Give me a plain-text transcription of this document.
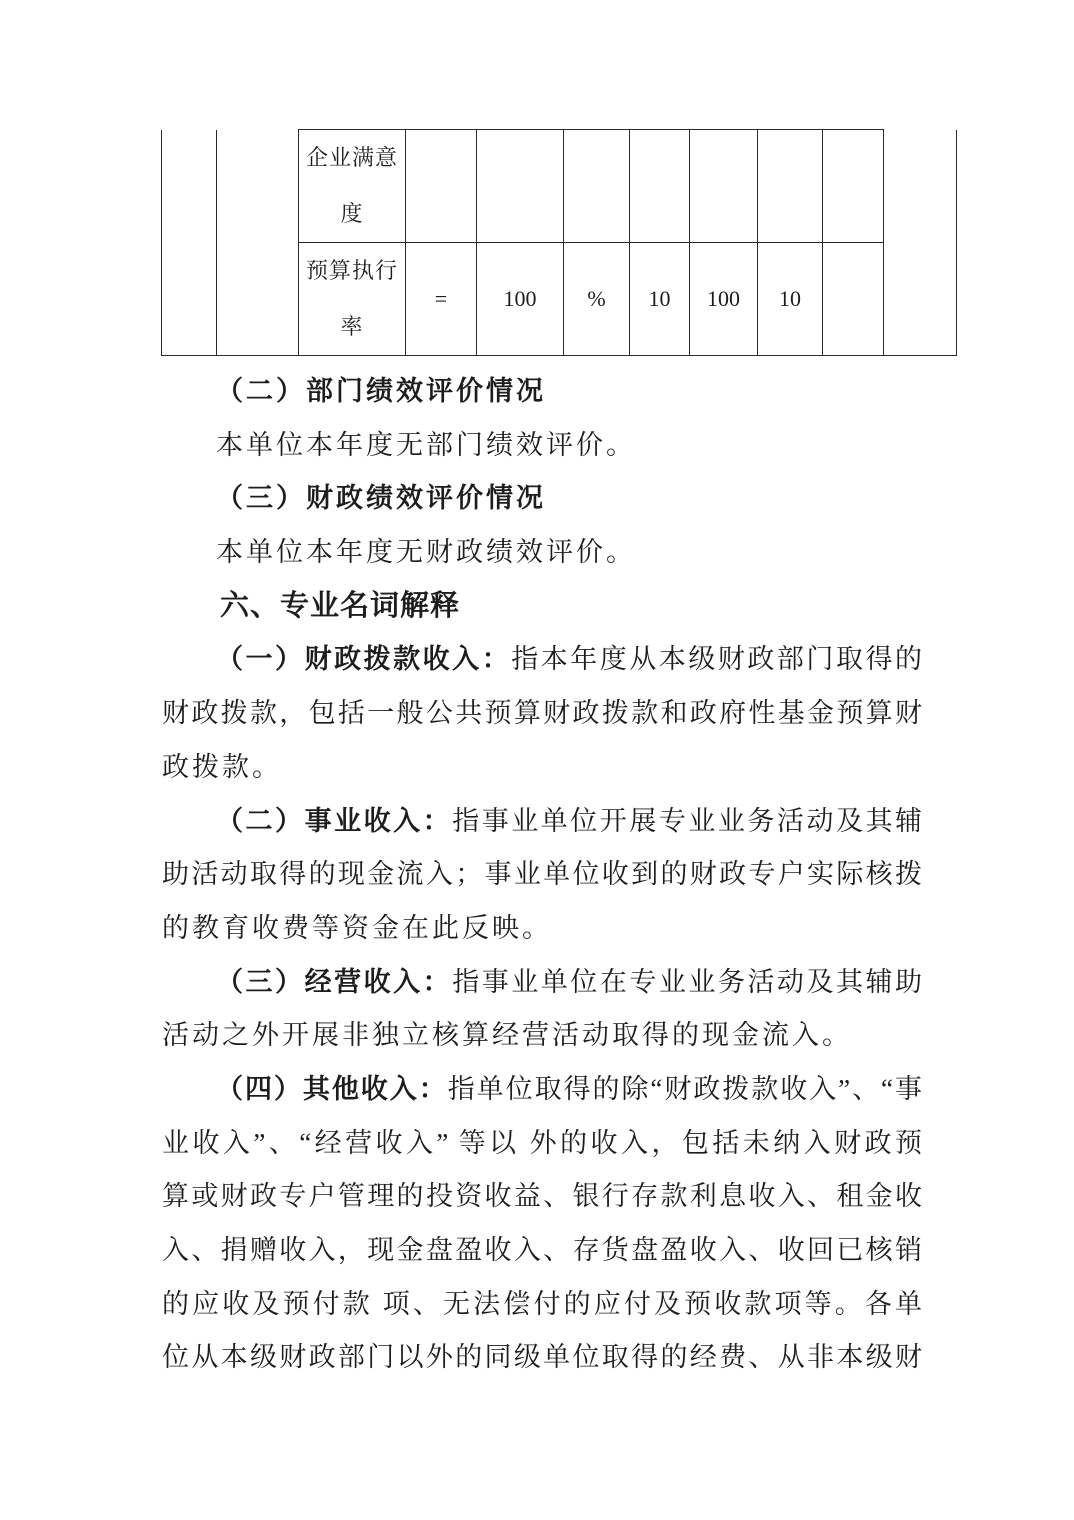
		企业满意度								
		预算执行率	=	100	%	10	100	10		
（二）部门绩效评价情况
本单位本年度无部门绩效评价。
（三）财政绩效评价情况
本单位本年度无财政绩效评价。
六、专业名词解释
（一）财政拨款收入：指本年度从本级财政部门取得的
财政拨款，包括一般公共预算财政拨款和政府性基金预算财
政拨款。
（二）事业收入：指事业单位开展专业业务活动及其辅
助活动取得的现金流入；事业单位收到的财政专户实际核拨
的教育收费等资金在此反映。
（三）经营收入：指事业单位在专业业务活动及其辅助
活动之外开展非独立核算经营活动取得的现金流入。
（四）其他收入：指单位取得的除“财政拨款收入”、“事
业收入”、“经营收入” 等以 外的收入，包括未纳入财政预
算或财政专户管理的投资收益、银行存款利息收入、租金收
入、捐赠收入，现金盘盈收入、存货盘盈收入、收回已核销
的应收及预付款 项、无法偿付的应付及预收款项等。各单
位从本级财政部门以外的同级单位取得的经费、从非本级财
